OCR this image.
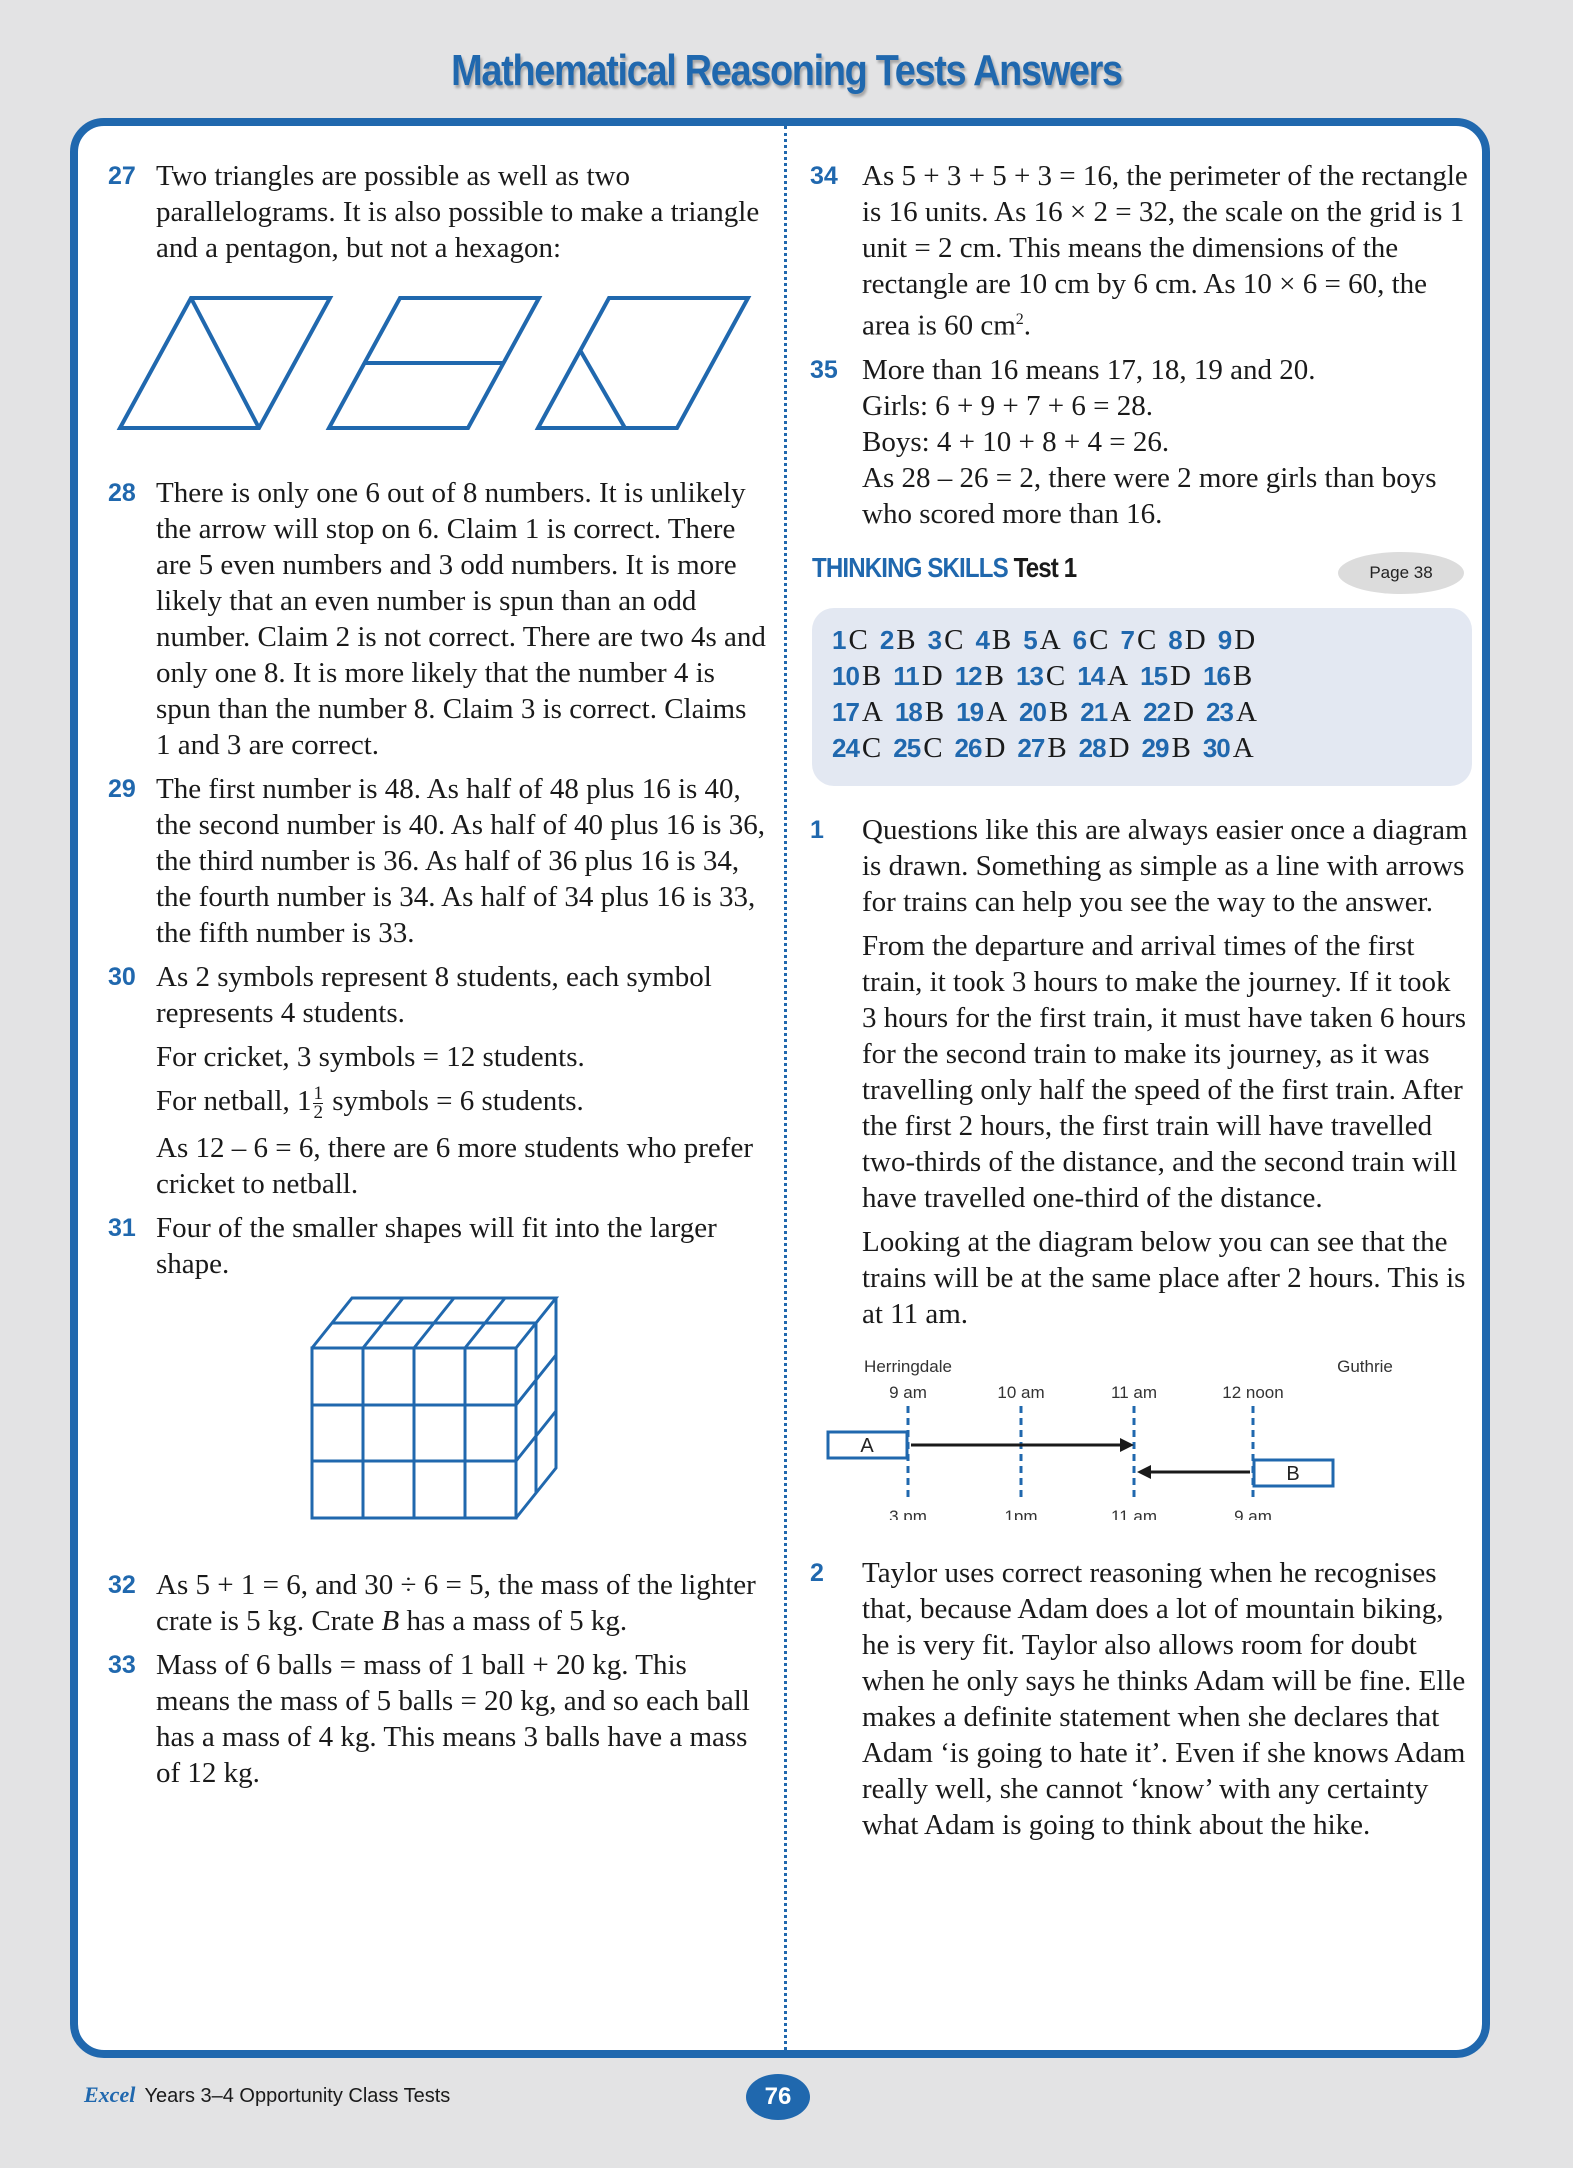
Mathematical Reasoning Tests Answers
27 Two triangles are possible as well as two parallelograms. It is also possible to make a triangle and a pentagon, but not a hexagon:

28 There is only one 6 out of 8 numbers. It is unlikely the arrow will stop on 6. Claim 1 is correct. There are 5 even numbers and 3 odd numbers. It is more likely that an even number is spun than an odd number. Claim 2 is not correct. There are two 4s and only one 8. It is more likely that the number 4 is spun than the number 8. Claim 3 is correct. Claims 1 and 3 are correct.

29 The first number is 48. As half of 48 plus 16 is 40, the second number is 40. As half of 40 plus 16 is 36, the third number is 36. As half of 36 plus 16 is 34, the fourth number is 34. As half of 34 plus 16 is 33, the fifth number is 33.

30 As 2 symbols represent 8 students, each symbol represents 4 students.

For cricket, 3 symbols = 12 students.

For netball, $1 \frac{1}{2}$ symbols = 6 students.

As 12 – 6 = 6, there are 6 more students who prefer cricket to netball.

31 Four of the smaller shapes will fit into the larger shape.

32 As 5 + 1 = 6, and 30 ÷ 6 = 5, the mass of the lighter crate is 5 kg. Crate B has a mass of 5 kg.

33 Mass of 6 balls = mass of 1 ball + 20 kg. This means the mass of 5 balls = 20 kg, and so each ball has a mass of 4 kg. This means 3 balls have a mass of 12 kg.

34 As 5 + 3 + 5 + 3 = 16, the perimeter of the rectangle is 16 units. As 16 × 2 = 32, the scale on the grid is 1 unit = 2 cm. This means the dimensions of the rectangle are 10 cm by 6 cm. As 10 × 6 = 60, the area is 60 $cm^2$.

35 More than 16 means 17, 18, 19 and 20.

Girls: 6 + 9 + 7 + 6 = 28.

Boys: 4 + 10 + 8 + 4 = 26.

As 28 – 26 = 2, there were 2 more girls than boys who scored more than 16.

THINKING SKILLS Test 1	Page 38
1 C 2 B 3 C 4 B 5 A 6 C 7 C 8 D 9 D
10 B 11 D 12 B 13 C 14 A 15 D 16 B
17 A 18 B 19 A 20 B 21 A 22 D 23 A
24 C 25 C 26 D 27 B 28 D 29 B 30 A
1 Questions like this are always easier once a diagram is drawn. Something as simple as a line with arrows for trains can help you see the way to the answer.

From the departure and arrival times of the first train, it took 3 hours to make the journey. If it took 3 hours for the first train, it must have taken 6 hours for the second train to make its journey, as it was travelling only half the speed of the first train. After the first 2 hours, the first train will have travelled two-thirds of the distance, and the second train will have travelled one-third of the distance.

Looking at the diagram below you can see that the trains will be at the same place after 2 hours. This is at 11 am.

Herringdale	Guthrie
9 am	10 am	11 am	12 noon
3 pm	1pm	11 am	9 am
A
B
2 Taylor uses correct reasoning when he recognises that, because Adam does a lot of mountain biking, he is very fit. Taylor also allows room for doubt when he only says he thinks Adam will be fine. Elle makes a definite statement when she declares that Adam ‘is going to hate it’. Even if she knows Adam really well, she cannot ‘know’ with any certainty what Adam is going to think about the hike.

Excel Years 3–4 Opportunity Class Tests	76
